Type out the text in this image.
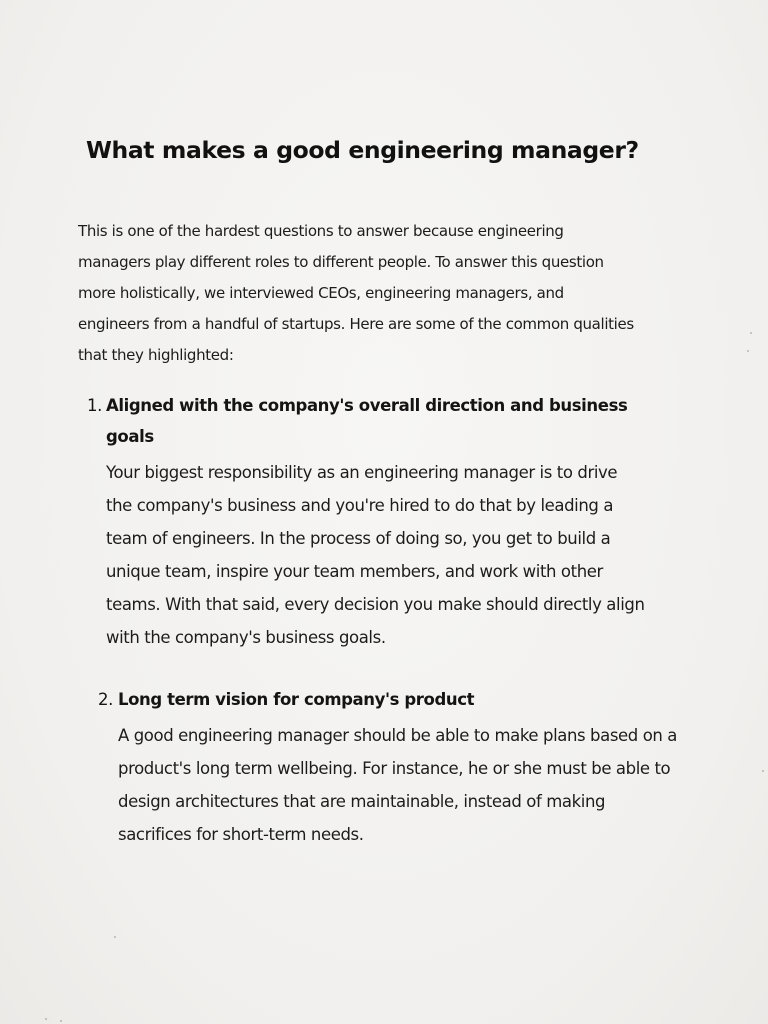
What makes a good engineering manager?

This is one of the hardest questions to answer because engineering managers play different roles to different people. To answer this question more holistically, we interviewed CEOs, engineering managers, and engineers from a handful of startups. Here are some of the common qualities that they highlighted:

1. Aligned with the company's overall direction and business goals

Your biggest responsibility as an engineering manager is to drive the company's business and you're hired to do that by leading a team of engineers. In the process of doing so, you get to build a unique team, inspire your team members, and work with other teams. With that said, every decision you make should directly align with the company's business goals.

2. Long term vision for company's product

A good engineering manager should be able to make plans based on a product's long term wellbeing. For instance, he or she must be able to design architectures that are maintainable, instead of making sacrifices for short-term needs.
